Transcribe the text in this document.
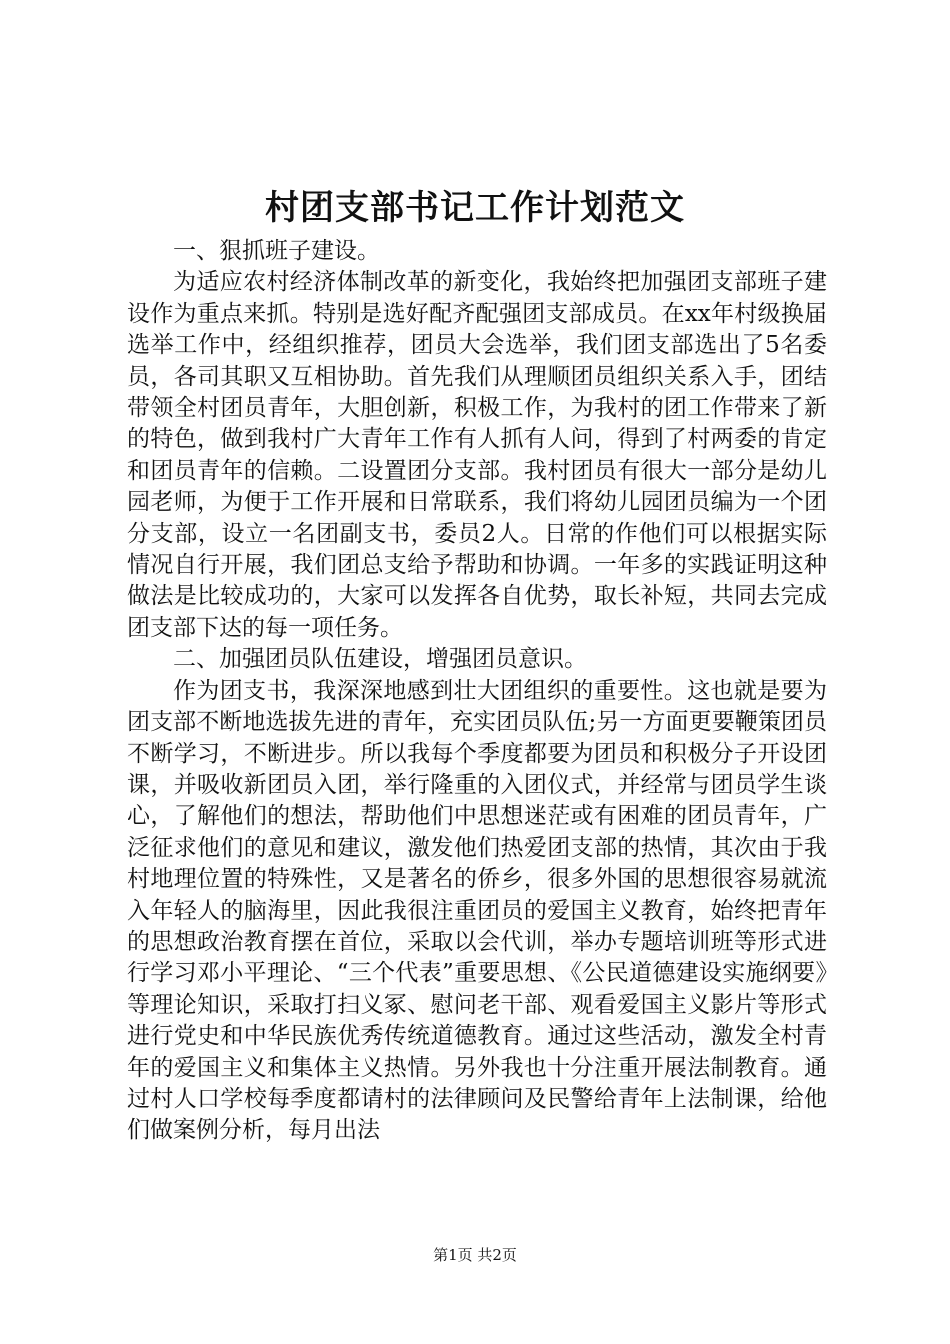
村团支部书记工作计划范文

一、狠抓班子建设。

为适应农村经济体制改革的新变化，我始终把加强团支部班子建设作为重点来抓。特别是选好配齐配强团支部成员。在xx年村级换届选举工作中，经组织推荐，团员大会选举，我们团支部选出了5名委员，各司其职又互相协助。首先我们从理顺团员组织关系入手，团结带领全村团员青年，大胆创新，积极工作，为我村的团工作带来了新的特色，做到我村广大青年工作有人抓有人问，得到了村两委的肯定和团员青年的信赖。二设置团分支部。我村团员有很大一部分是幼儿园老师，为便于工作开展和日常联系，我们将幼儿园团员编为一个团分支部，设立一名团副支书，委员2人。日常的作他们可以根据实际情况自行开展，我们团总支给予帮助和协调。一年多的实践证明这种做法是比较成功的，大家可以发挥各自优势，取长补短，共同去完成团支部下达的每一项任务。

二、加强团员队伍建设，增强团员意识。

作为团支书，我深深地感到壮大团组织的重要性。这也就是要为团支部不断地选拔先进的青年，充实团员队伍;另一方面更要鞭策团员不断学习，不断进步。所以我每个季度都要为团员和积极分子开设团课，并吸收新团员入团，举行隆重的入团仪式，并经常与团员学生谈心，了解他们的想法，帮助他们中思想迷茫或有困难的团员青年，广泛征求他们的意见和建议，激发他们热爱团支部的热情，其次由于我村地理位置的特殊性，又是著名的侨乡，很多外国的思想很容易就流入年轻人的脑海里，因此我很注重团员的爱国主义教育，始终把青年的思想政治教育摆在首位，采取以会代训，举办专题培训班等形式进行学习邓小平理论、“三个代表”重要思想、《公民道德建设实施纲要》等理论知识，采取打扫义冢、慰问老干部、观看爱国主义影片等形式进行党史和中华民族优秀传统道德教育。通过这些活动，激发全村青年的爱国主义和集体主义热情。另外我也十分注重开展法制教育。通过村人口学校每季度都请村的法律顾问及民警给青年上法制课，给他们做案例分析，每月出法

第1页 共2页
